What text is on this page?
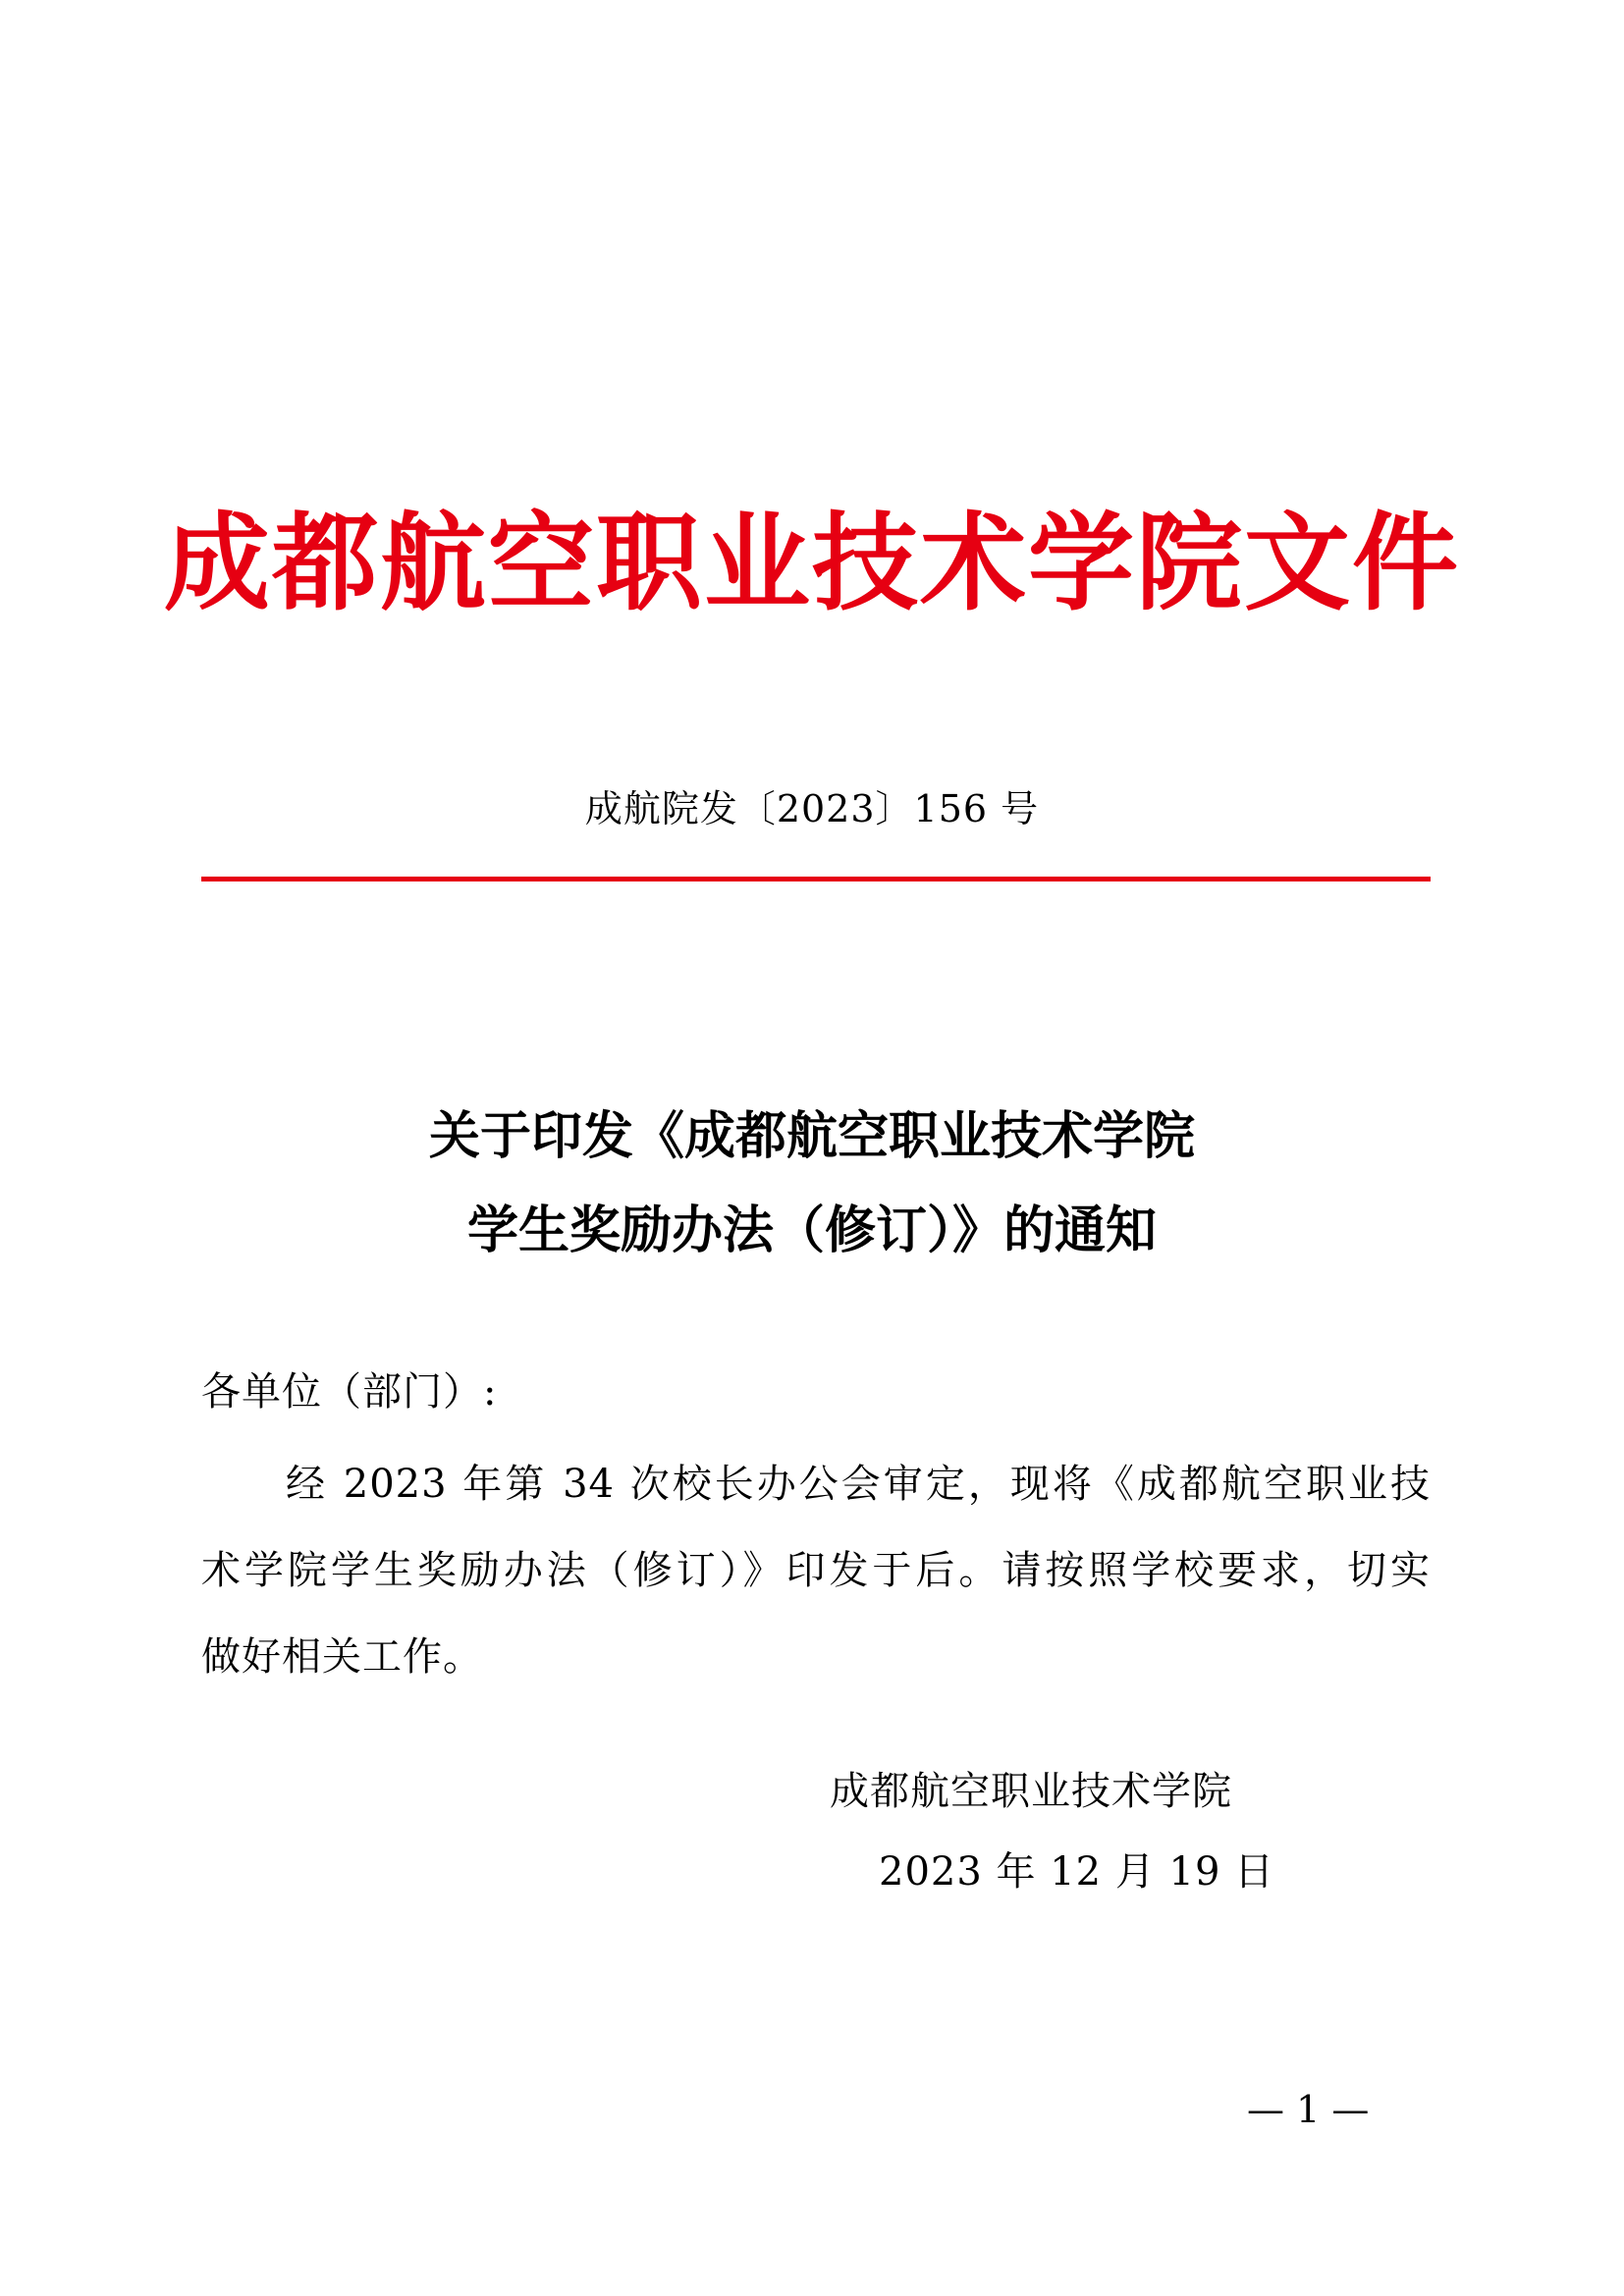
成都航空职业技术学院文件
成航院发〔2023〕156 号
关于印发《成都航空职业技术学院
学生奖励办法（修订）》的通知
各单位（部门）:
　　经 2023 年第 34 次校长办公会审定，现将《成都航空职业技
术学院学生奖励办法（修订）》印发于后。请按照学校要求，切实
做好相关工作。
成都航空职业技术学院
2023 年 12 月 19 日
— 1 —
